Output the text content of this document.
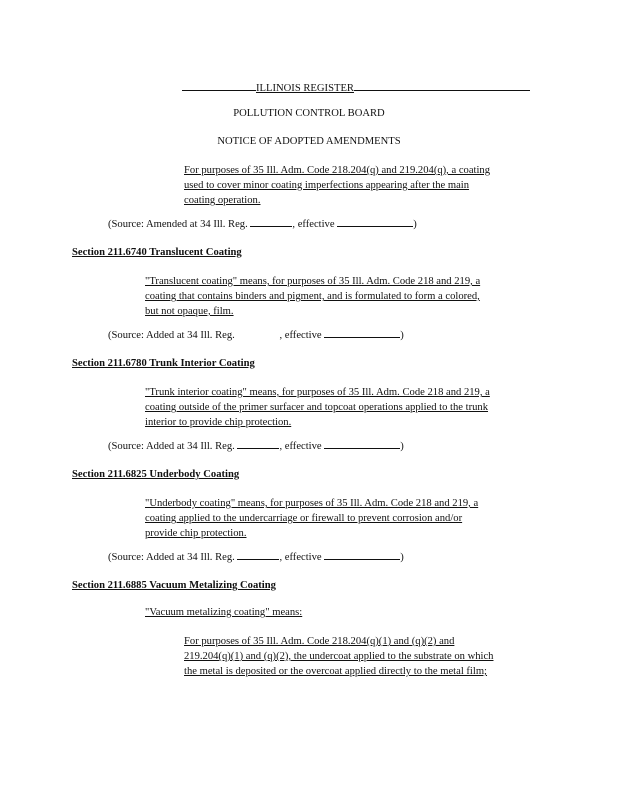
ILLINOIS REGISTER
POLLUTION CONTROL BOARD
NOTICE OF ADOPTED AMENDMENTS
For purposes of 35 Ill. Adm. Code 218.204(q) and 219.204(q), a coating
used to cover minor coating imperfections appearing after the main
coating operation.
(Source: Amended at 34 Ill. Reg.	, effective	)
Section 211.6740 Translucent Coating
"Translucent coating" means, for purposes of 35 Ill. Adm. Code 218 and 219, a
coating that contains binders and pigment, and is formulated to form a colored,
but not opaque, film.
(Source: Added at 34 Ill. Reg.	, effective	)
Section 211.6780 Trunk Interior Coating
"Trunk interior coating" means, for purposes of 35 Ill. Adm. Code 218 and 219, a
coating outside of the primer surfacer and topcoat operations applied to the trunk
interior to provide chip protection.
(Source: Added at 34 Ill. Reg.	, effective	)
Section 211.6825 Underbody Coating
"Underbody coating" means, for purposes of 35 Ill. Adm. Code 218 and 219, a
coating applied to the undercarriage or firewall to prevent corrosion and/or
provide chip protection.
(Source: Added at 34 Ill. Reg.	, effective	)
Section 211.6885 Vacuum Metalizing Coating
"Vacuum metalizing coating" means:
For purposes of 35 Ill. Adm. Code 218.204(q)(1) and (q)(2) and
219.204(q)(1) and (q)(2), the undercoat applied to the substrate on which
the metal is deposited or the overcoat applied directly to the metal film;
